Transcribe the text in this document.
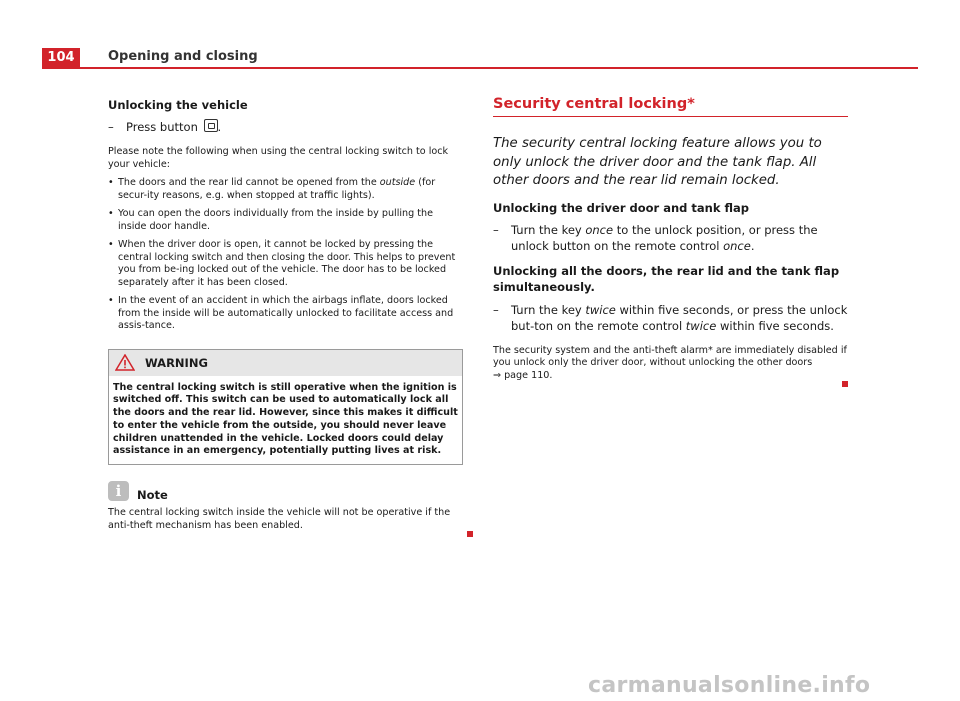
104	Opening and closing
Unlocking the vehicle
–	Press button .

Please note the following when using the central locking switch to lock your vehicle:

• The doors and the rear lid cannot be opened from the outside (for secur-ity reasons, e.g. when stopped at traffic lights).
• You can open the doors individually from the inside by pulling the inside door handle.
• When the driver door is open, it cannot be locked by pressing the central locking switch and then closing the door. This helps to prevent you from be-ing locked out of the vehicle. The door has to be locked separately after it has been closed.
• In the event of an accident in which the airbags inflate, doors locked from the inside will be automatically unlocked to facilitate access and assis-tance.
WARNING
The central locking switch is still operative when the ignition is switched off. This switch can be used to automatically lock all the doors and the rear lid. However, since this makes it difficult to enter the vehicle from the outside, you should never leave children unattended in the vehicle. Locked doors could delay assistance in an emergency, potentially putting lives at risk.
i	Note

The central locking switch inside the vehicle will not be operative if the anti-theft mechanism has been enabled.

Security central locking*
The security central locking feature allows you to only unlock the driver door and the tank flap. All other doors and the rear lid remain locked.
Unlocking the driver door and tank flap
–	Turn the key once to the unlock position, or press the unlock button on the remote control once.
Unlocking all the doors, the rear lid and the tank flap simultaneously.
–	Turn the key twice within five seconds, or press the unlock but-ton on the remote control twice within five seconds.

The security system and the anti-theft alarm* are immediately disabled if you unlock only the driver door, without unlocking the other doors
⇒ page 110.

carmanualsonline.info
